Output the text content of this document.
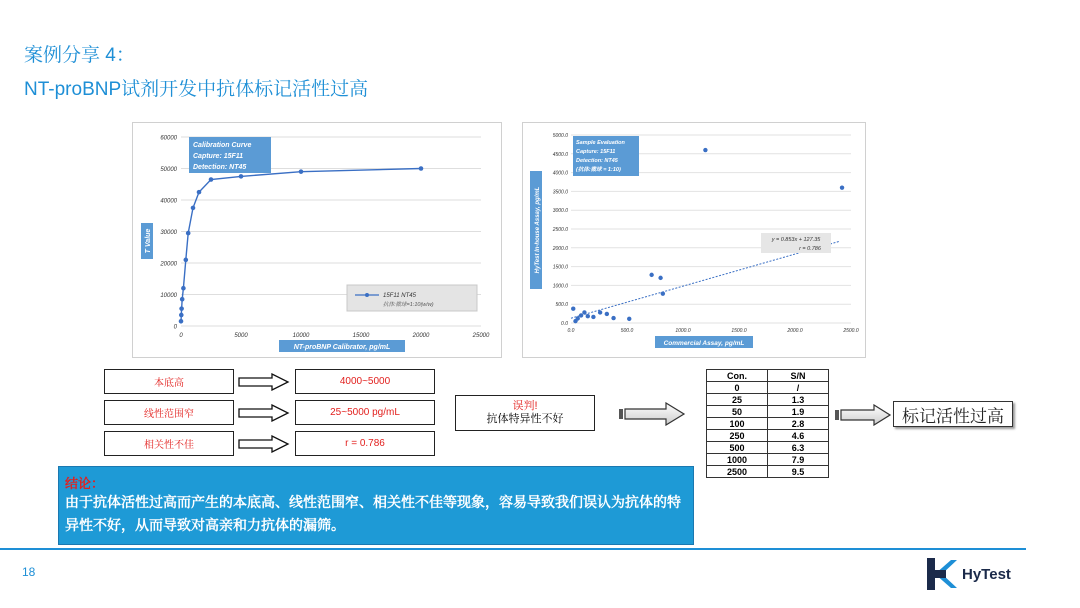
案例分享 4：
NT-proBNP试剂开发中抗体标记活性过高
0
10000
20000
30000
40000
50000
60000
0	5000	10000	15000	20000	25000
T Value
NT-proBNP Calibrator, pg/mL
Calibration Curve
Capture: 15F11
Detection: NT45
15F11 NT45
抗体:微球=1:10(w/w)
0.0
500.0
1000.0
1500.0
2000.0
2500.0
3000.0
3500.0
4000.0
4500.0
5000.0
0.0	500.0	1000.0	1500.0	2000.0	2500.0
HyTest In-house Assay, pg/mL
Commercial Assay, pg/mL
Sample Evaluation
Capture: 15F11
Detection: NT45
(抗体:微球 = 1:10)
y = 0.853x + 127.35
r = 0.786
本底高
线性范围窄
相关性不佳
4000~5000
25~5000 pg/mL
r = 0.786
误判!
抗体特异性不好
Con.	S/N
0	/
25	1.3
50	1.9
100	2.8
250	4.6
500	6.3
1000	7.9
2500	9.5
标记活性过高
结论：
由于抗体活性过高而产生的本底高、线性范围窄、相关性不佳等现象，容易导致我们误认为抗体的特异性不好，从而导致对高亲和力抗体的漏筛。
18	HyTest
